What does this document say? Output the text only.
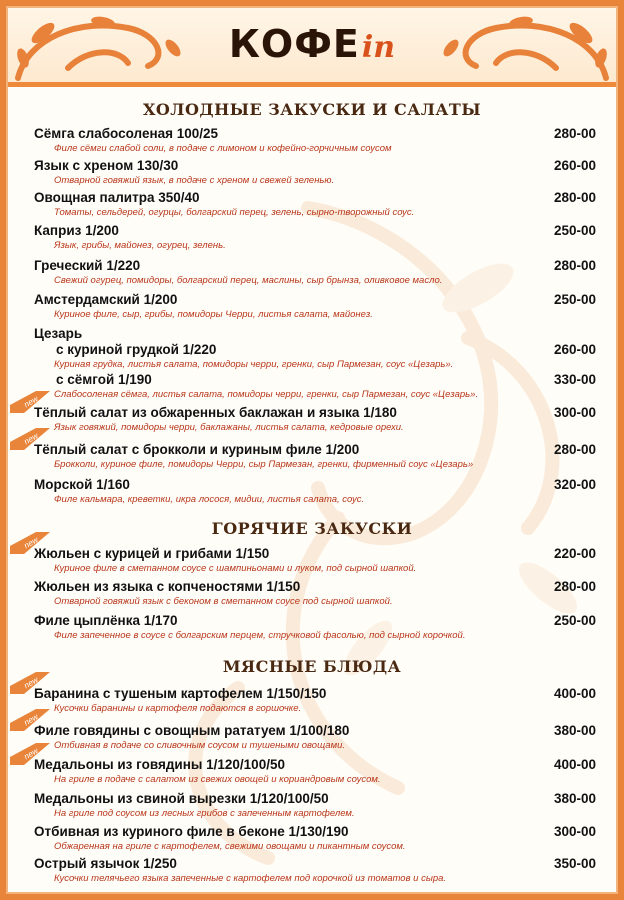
КОФЕin
ХОЛОДНЫЕ ЗАКУСКИ И САЛАТЫ
ГОРЯЧИЕ ЗАКУСКИ
МЯСНЫЕ БЛЮДА
Сёмга слабосоленая 100/25	280-00
Филе сёмги слабой соли, в подаче с лимоном и кофейно-горчичным соусом
Язык с хреном 130/30	260-00
Отварной говяжий язык, в подаче с хреном и свежей зеленью.
Овощная палитра 350/40	280-00
Томаты, сельдерей, огурцы, болгарский перец, зелень, сырно-творожный соус.
Каприз 1/200	250-00
Язык, грибы, майонез, огурец, зелень.
Греческий 1/220	280-00
Свежий огурец, помидоры, болгарский перец, маслины, сыр брынза, оливковое масло.
Амстердамский 1/200	250-00
Куриное филе, сыр, грибы, помидоры Черри, листья салата, майонез.
Цезарь
с куриной грудкой 1/220	260-00
Куриная грудка, листья салата, помидоры черри, гренки, сыр Пармезан, соус «Цезарь».
с сёмгой 1/190	330-00
Слабосоленая сёмга, листья салата, помидоры черри, гренки, сыр Пармезан, соус «Цезарь».
Тёплый салат из обжаренных баклажан и языка 1/180	300-00
Язык говяжий, помидоры черри, баклажаны, листья салата, кедровые орехи.
Тёплый салат с брокколи и куриным филе 1/200	280-00
Брокколи, куриное филе, помидоры Черри, сыр Пармезан, гренки, фирменный соус «Цезарь»
Морской 1/160	320-00
Филе кальмара, креветки, икра лосося, мидии, листья салата, соус.
Жюльен с курицей и грибами 1/150	220-00
Куриное филе в сметанном соусе с шампиньонами и луком, под сырной шапкой.
Жюльен из языка с копченостями 1/150	280-00
Отварной говяжий язык с беконом в сметанном соусе под сырной шапкой.
Филе цыплёнка 1/170	250-00
Филе запеченное в соусе с болгарским перцем, стручковой фасолью, под сырной корочкой.
Баранина с тушеным картофелем 1/150/150	400-00
Кусочки баранины и картофеля подаются в горшочке.
Филе говядины с овощным рататуем 1/100/180	380-00
Отбивная в подаче со сливочным соусом и тушеными овощами.
Медальоны из говядины 1/120/100/50	400-00
На гриле в подаче с салатом из свежих овощей и кориандровым соусом.
Медальоны из свиной вырезки 1/120/100/50	380-00
На гриле под соусом из лесных грибов с запеченным картофелем.
Отбивная из куриного филе в беконе 1/130/190	300-00
Обжаренная на гриле с картофелем, свежими овощами и пикантным соусом.
Острый язычок 1/250	350-00
Кусочки телячьего языка запеченные с картофелем под корочкой из томатов и сыра.
new
new
new
new
new
new
